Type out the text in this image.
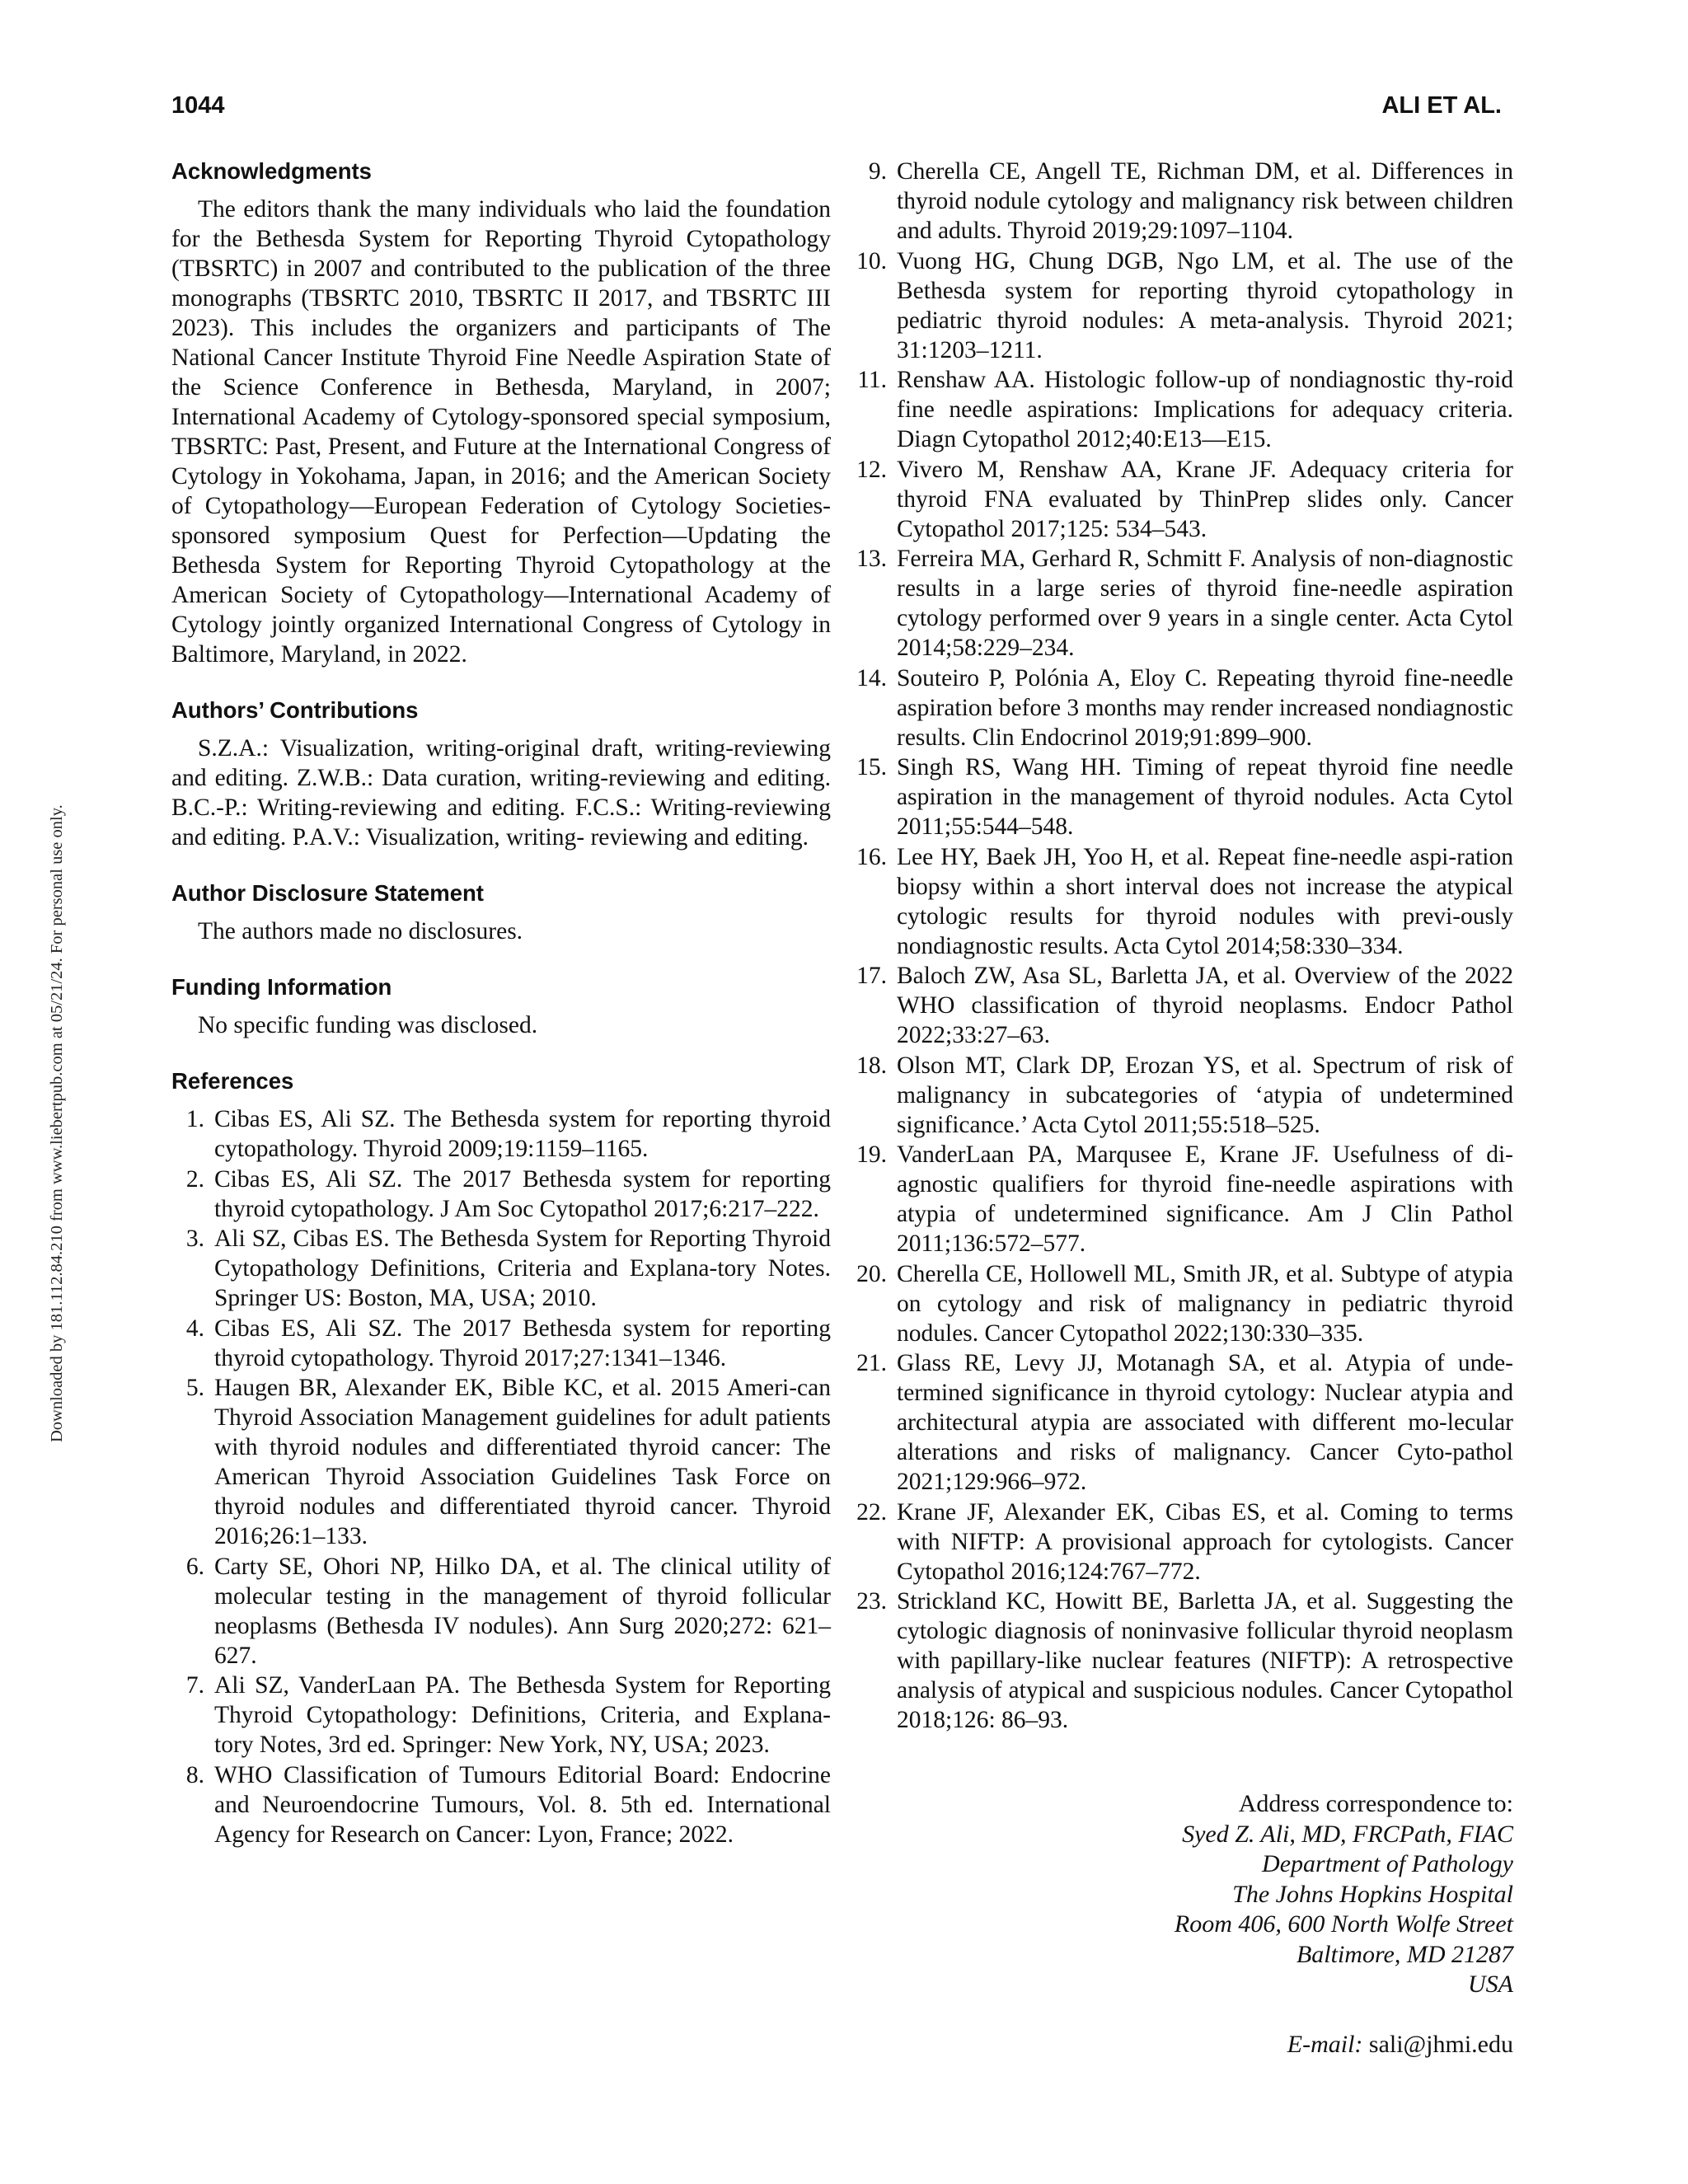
1044	ALI ET AL.
Downloaded by 181.112.84.210 from www.liebertpub.com at 05/21/24. For personal use only.
Acknowledgments

The editors thank the many individuals who laid the foundation for the Bethesda System for Reporting Thyroid Cytopathology (TBSRTC) in 2007 and contributed to the publication of the three monographs (TBSRTC 2010, TBSRTC II 2017, and TBSRTC III 2023). This includes the organizers and participants of The National Cancer Institute Thyroid Fine Needle Aspiration State of the Science Conference in Bethesda, Maryland, in 2007; International Academy of Cytology-sponsored special symposium, TBSRTC: Past, Present, and Future at the International Congress of Cytology in Yokohama, Japan, in 2016; and the American Society of Cytopathology—European Federation of Cytology Societies-sponsored symposium Quest for Perfection—Updating the Bethesda System for Reporting Thyroid Cytopathology at the American Society of Cytopathology—International Academy of Cytology jointly organized International Congress of Cytology in Baltimore, Maryland, in 2022.

Authors’ Contributions

S.Z.A.: Visualization, writing-original draft, writing-reviewing and editing. Z.W.B.: Data curation, writing-reviewing and editing. B.C.-P.: Writing-reviewing and editing. F.C.S.: Writing-reviewing and editing. P.A.V.: Visualization, writing- reviewing and editing.

Author Disclosure Statement

The authors made no disclosures.

Funding Information

No specific funding was disclosed.

References
1. Cibas ES, Ali SZ. The Bethesda system for reporting thyroid cytopathology. Thyroid 2009;19:1159–1165.
2. Cibas ES, Ali SZ. The 2017 Bethesda system for reporting thyroid cytopathology. J Am Soc Cytopathol 2017;6:217–222.
3. Ali SZ, Cibas ES. The Bethesda System for Reporting Thyroid Cytopathology Definitions, Criteria and Explana-tory Notes. Springer US: Boston, MA, USA; 2010.
4. Cibas ES, Ali SZ. The 2017 Bethesda system for reporting thyroid cytopathology. Thyroid 2017;27:1341–1346.
5. Haugen BR, Alexander EK, Bible KC, et al. 2015 Ameri-can Thyroid Association Management guidelines for adult patients with thyroid nodules and differentiated thyroid cancer: The American Thyroid Association Guidelines Task Force on thyroid nodules and differentiated thyroid cancer. Thyroid 2016;26:1–133.
6. Carty SE, Ohori NP, Hilko DA, et al. The clinical utility of molecular testing in the management of thyroid follicular neoplasms (Bethesda IV nodules). Ann Surg 2020;272: 621–627.
7. Ali SZ, VanderLaan PA. The Bethesda System for Reporting Thyroid Cytopathology: Definitions, Criteria, and Explana-tory Notes, 3rd ed. Springer: New York, NY, USA; 2023.
8. WHO Classification of Tumours Editorial Board: Endocrine and Neuroendocrine Tumours, Vol. 8. 5th ed. International Agency for Research on Cancer: Lyon, France; 2022.
9. Cherella CE, Angell TE, Richman DM, et al. Differences in thyroid nodule cytology and malignancy risk between children and adults. Thyroid 2019;29:1097–1104.
10. Vuong HG, Chung DGB, Ngo LM, et al. The use of the Bethesda system for reporting thyroid cytopathology in pediatric thyroid nodules: A meta-analysis. Thyroid 2021; 31:1203–1211.
11. Renshaw AA. Histologic follow-up of nondiagnostic thy-roid fine needle aspirations: Implications for adequacy criteria. Diagn Cytopathol 2012;40:E13—E15.
12. Vivero M, Renshaw AA, Krane JF. Adequacy criteria for thyroid FNA evaluated by ThinPrep slides only. Cancer Cytopathol 2017;125: 534–543.
13. Ferreira MA, Gerhard R, Schmitt F. Analysis of non-diagnostic results in a large series of thyroid fine-needle aspiration cytology performed over 9 years in a single center. Acta Cytol 2014;58:229–234.
14. Souteiro P, Polónia A, Eloy C. Repeating thyroid fine-needle aspiration before 3 months may render increased nondiagnostic results. Clin Endocrinol 2019;91:899–900.
15. Singh RS, Wang HH. Timing of repeat thyroid fine needle aspiration in the management of thyroid nodules. Acta Cytol 2011;55:544–548.
16. Lee HY, Baek JH, Yoo H, et al. Repeat fine-needle aspi-ration biopsy within a short interval does not increase the atypical cytologic results for thyroid nodules with previ-ously nondiagnostic results. Acta Cytol 2014;58:330–334.
17. Baloch ZW, Asa SL, Barletta JA, et al. Overview of the 2022 WHO classification of thyroid neoplasms. Endocr Pathol 2022;33:27–63.
18. Olson MT, Clark DP, Erozan YS, et al. Spectrum of risk of malignancy in subcategories of ‘atypia of undetermined significance.’ Acta Cytol 2011;55:518–525.
19. VanderLaan PA, Marqusee E, Krane JF. Usefulness of di-agnostic qualifiers for thyroid fine-needle aspirations with atypia of undetermined significance. Am J Clin Pathol 2011;136:572–577.
20. Cherella CE, Hollowell ML, Smith JR, et al. Subtype of atypia on cytology and risk of malignancy in pediatric thyroid nodules. Cancer Cytopathol 2022;130:330–335.
21. Glass RE, Levy JJ, Motanagh SA, et al. Atypia of unde-termined significance in thyroid cytology: Nuclear atypia and architectural atypia are associated with different mo-lecular alterations and risks of malignancy. Cancer Cyto-pathol 2021;129:966–972.
22. Krane JF, Alexander EK, Cibas ES, et al. Coming to terms with NIFTP: A provisional approach for cytologists. Cancer Cytopathol 2016;124:767–772.
23. Strickland KC, Howitt BE, Barletta JA, et al. Suggesting the cytologic diagnosis of noninvasive follicular thyroid neoplasm with papillary-like nuclear features (NIFTP): A retrospective analysis of atypical and suspicious nodules. Cancer Cytopathol 2018;126: 86–93.
Address correspondence to:
Syed Z. Ali, MD, FRCPath, FIAC
Department of Pathology
The Johns Hopkins Hospital
Room 406, 600 North Wolfe Street
Baltimore, MD 21287
USA
E-mail: sali@jhmi.edu
